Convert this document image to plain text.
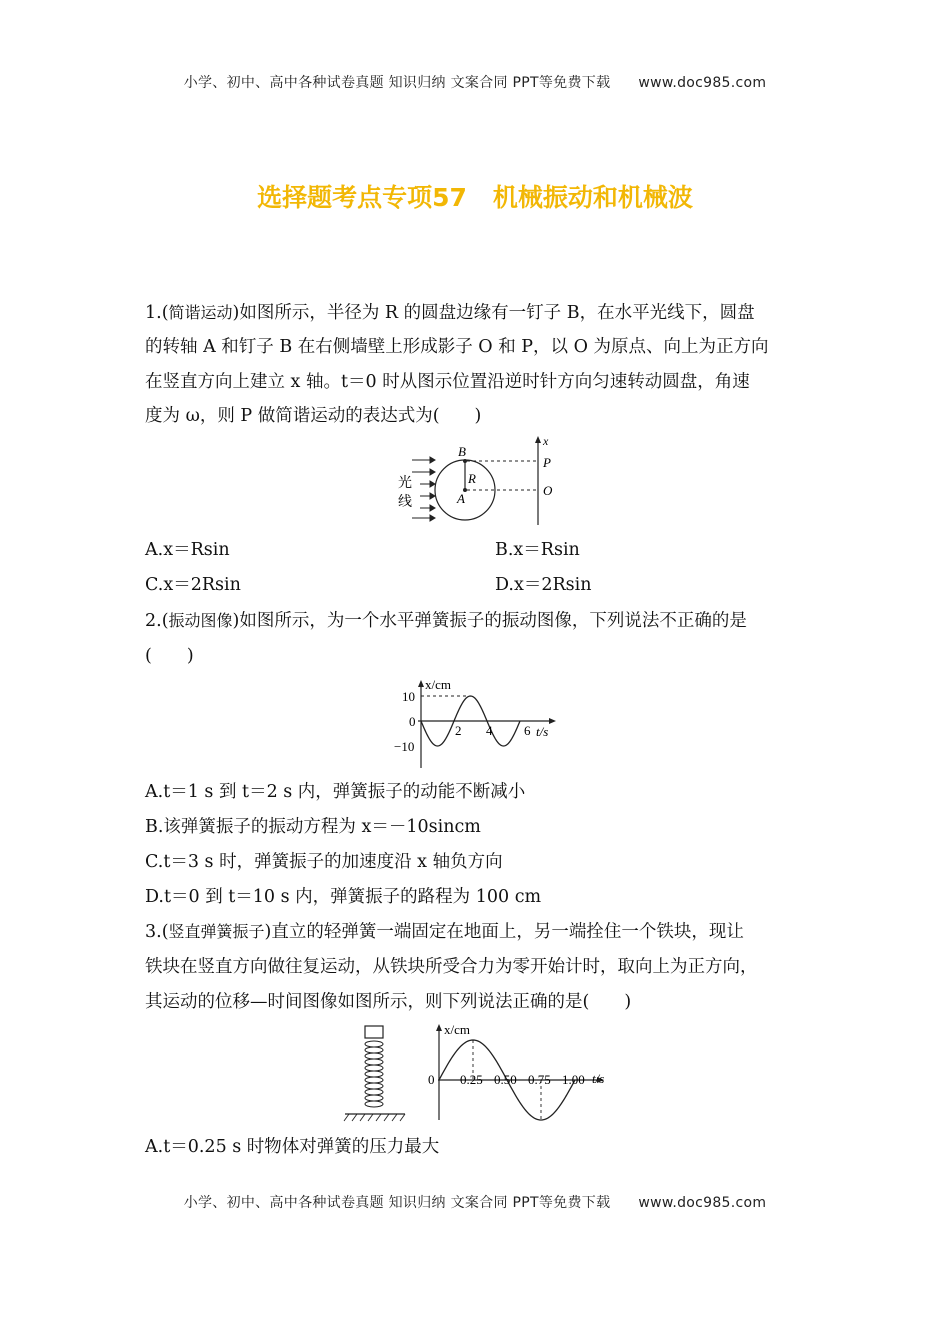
小学、初中、高中各种试卷真题 知识归纳 文案合同 PPT等免费下载 www.doc985.com
选择题考点专项57 机械振动和机械波
1.(简谐运动)如图所示，半径为 R 的圆盘边缘有一钉子 B，在水平光线下，圆盘
的转轴 A 和钉子 B 在右侧墙壁上形成影子 O 和 P，以 O 为原点、向上为正方向
在竖直方向上建立 x 轴。t＝0 时从图示位置沿逆时针方向匀速转动圆盘，角速
度为 ω，则 P 做简谐运动的表达式为(　　)
光
线
B
R
A
P
O
x
A.x＝Rsin	B.x＝Rsin
C.x＝2Rsin	D.x＝2Rsin
2.(振动图像)如图所示，为一个水平弹簧振子的振动图像，下列说法不正确的是
(　　)
x/cm
t/s
10
0
−10
2 4 6
A.t＝1 s 到 t＝2 s 内，弹簧振子的动能不断减小
B.该弹簧振子的振动方程为 x＝－10sincm
C.t＝3 s 时，弹簧振子的加速度沿 x 轴负方向
D.t＝0 到 t＝10 s 内，弹簧振子的路程为 100 cm
3.(竖直弹簧振子)直立的轻弹簧一端固定在地面上，另一端拴住一个铁块，现让
铁块在竖直方向做往复运动，从铁块所受合力为零开始计时，取向上为正方向，
其运动的位移—时间图像如图所示，则下列说法正确的是(　　)
x/cm
t/s
0 0.25 0.50 0.75 1.00
A.t＝0.25 s 时物体对弹簧的压力最大
小学、初中、高中各种试卷真题 知识归纳 文案合同 PPT等免费下载 www.doc985.com
